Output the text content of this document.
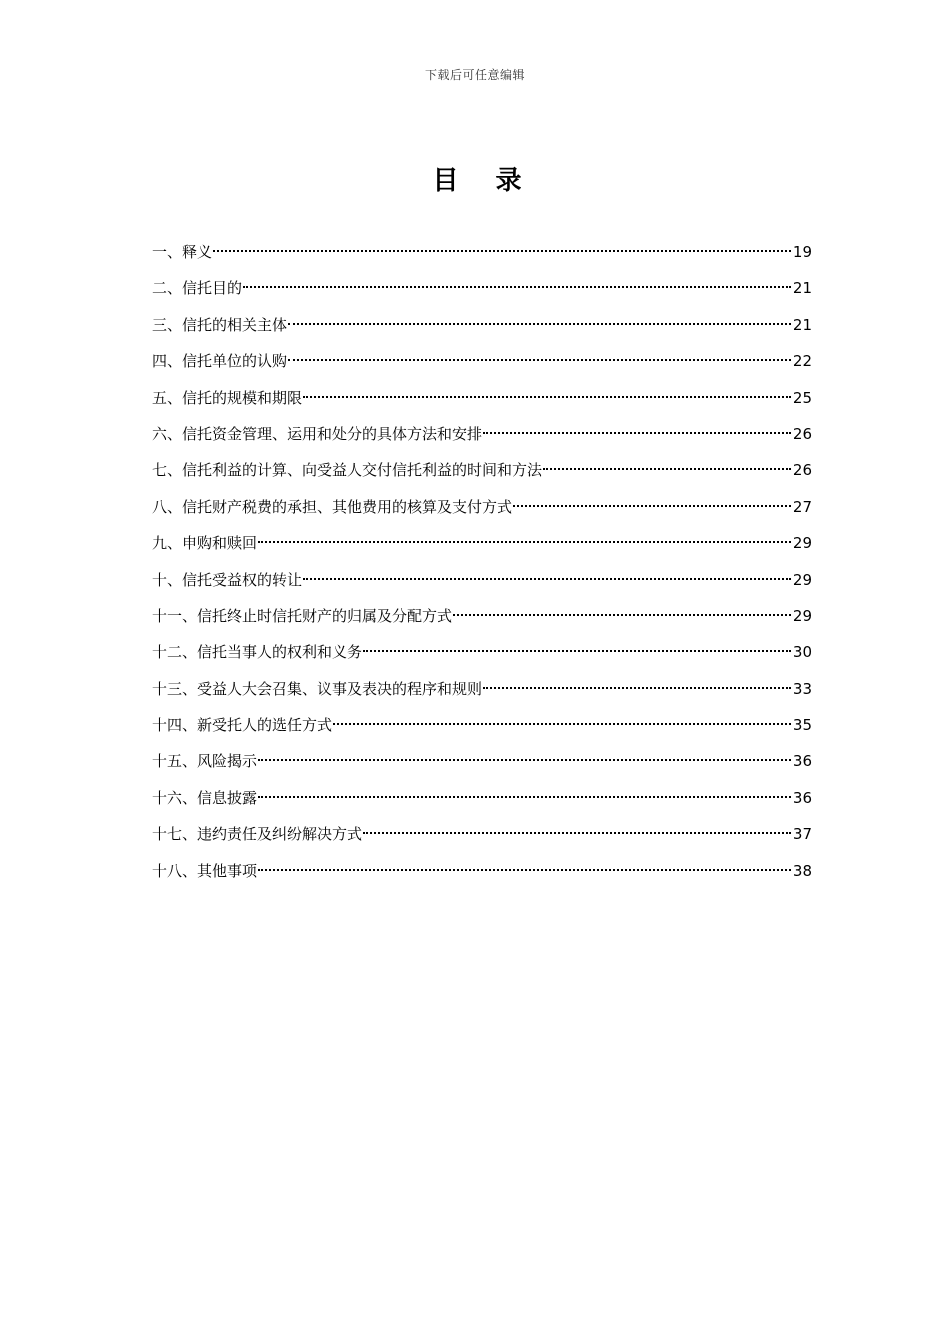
下载后可任意编辑
目 录
一、释义	19
二、信托目的	21
三、信托的相关主体	21
四、信托单位的认购	22
五、信托的规模和期限	25
六、信托资金管理、运用和处分的具体方法和安排	26
七、信托利益的计算、向受益人交付信托利益的时间和方法	26
八、信托财产税费的承担、其他费用的核算及支付方式	27
九、申购和赎回	29
十、信托受益权的转让	29
十一、信托终止时信托财产的归属及分配方式	29
十二、信托当事人的权利和义务	30
十三、受益人大会召集、议事及表决的程序和规则	33
十四、新受托人的选任方式	35
十五、风险揭示	36
十六、信息披露	36
十七、违约责任及纠纷解决方式	37
十八、其他事项	38
